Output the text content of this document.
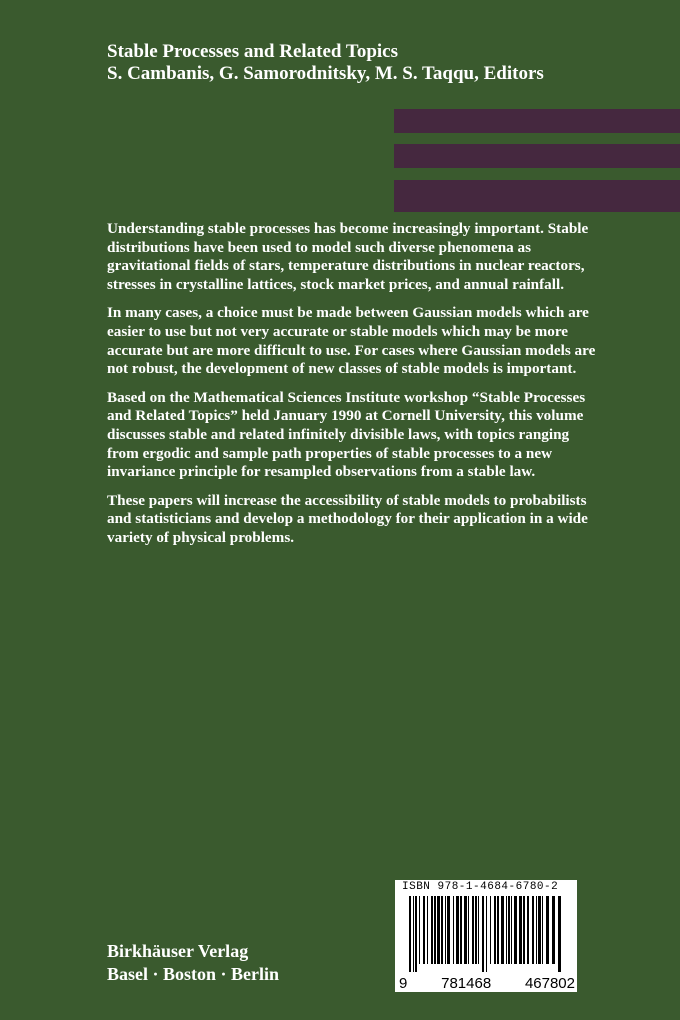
Stable Processes and Related Topics
S. Cambanis, G. Samorodnitsky, M. S. Taqqu, Editors

Understanding stable processes has become increasingly important. Stable distributions have been used to model such diverse phenomena as gravitational fields of stars, temperature distributions in nuclear reactors, stresses in crystalline lattices, stock market prices, and annual rainfall.

In many cases, a choice must be made between Gaussian models which are easier to use but not very accurate or stable models which may be more accurate but are more difficult to use. For cases where Gaussian models are not robust, the development of new classes of stable models is important.

Based on the Mathematical Sciences Institute workshop “Stable Processes and Related Topics” held January 1990 at Cornell University, this volume discusses stable and related infinitely divisible laws, with topics ranging from ergodic and sample path properties of stable processes to a new invariance principle for resampled observations from a stable law.

These papers will increase the accessibility of stable models to probabilists and statisticians and develop a methodology for their application in a wide variety of physical problems.

ISBN 978-1-4684-6780-2
9 781468 467802
Birkhäuser Verlag
Basel · Boston · Berlin
